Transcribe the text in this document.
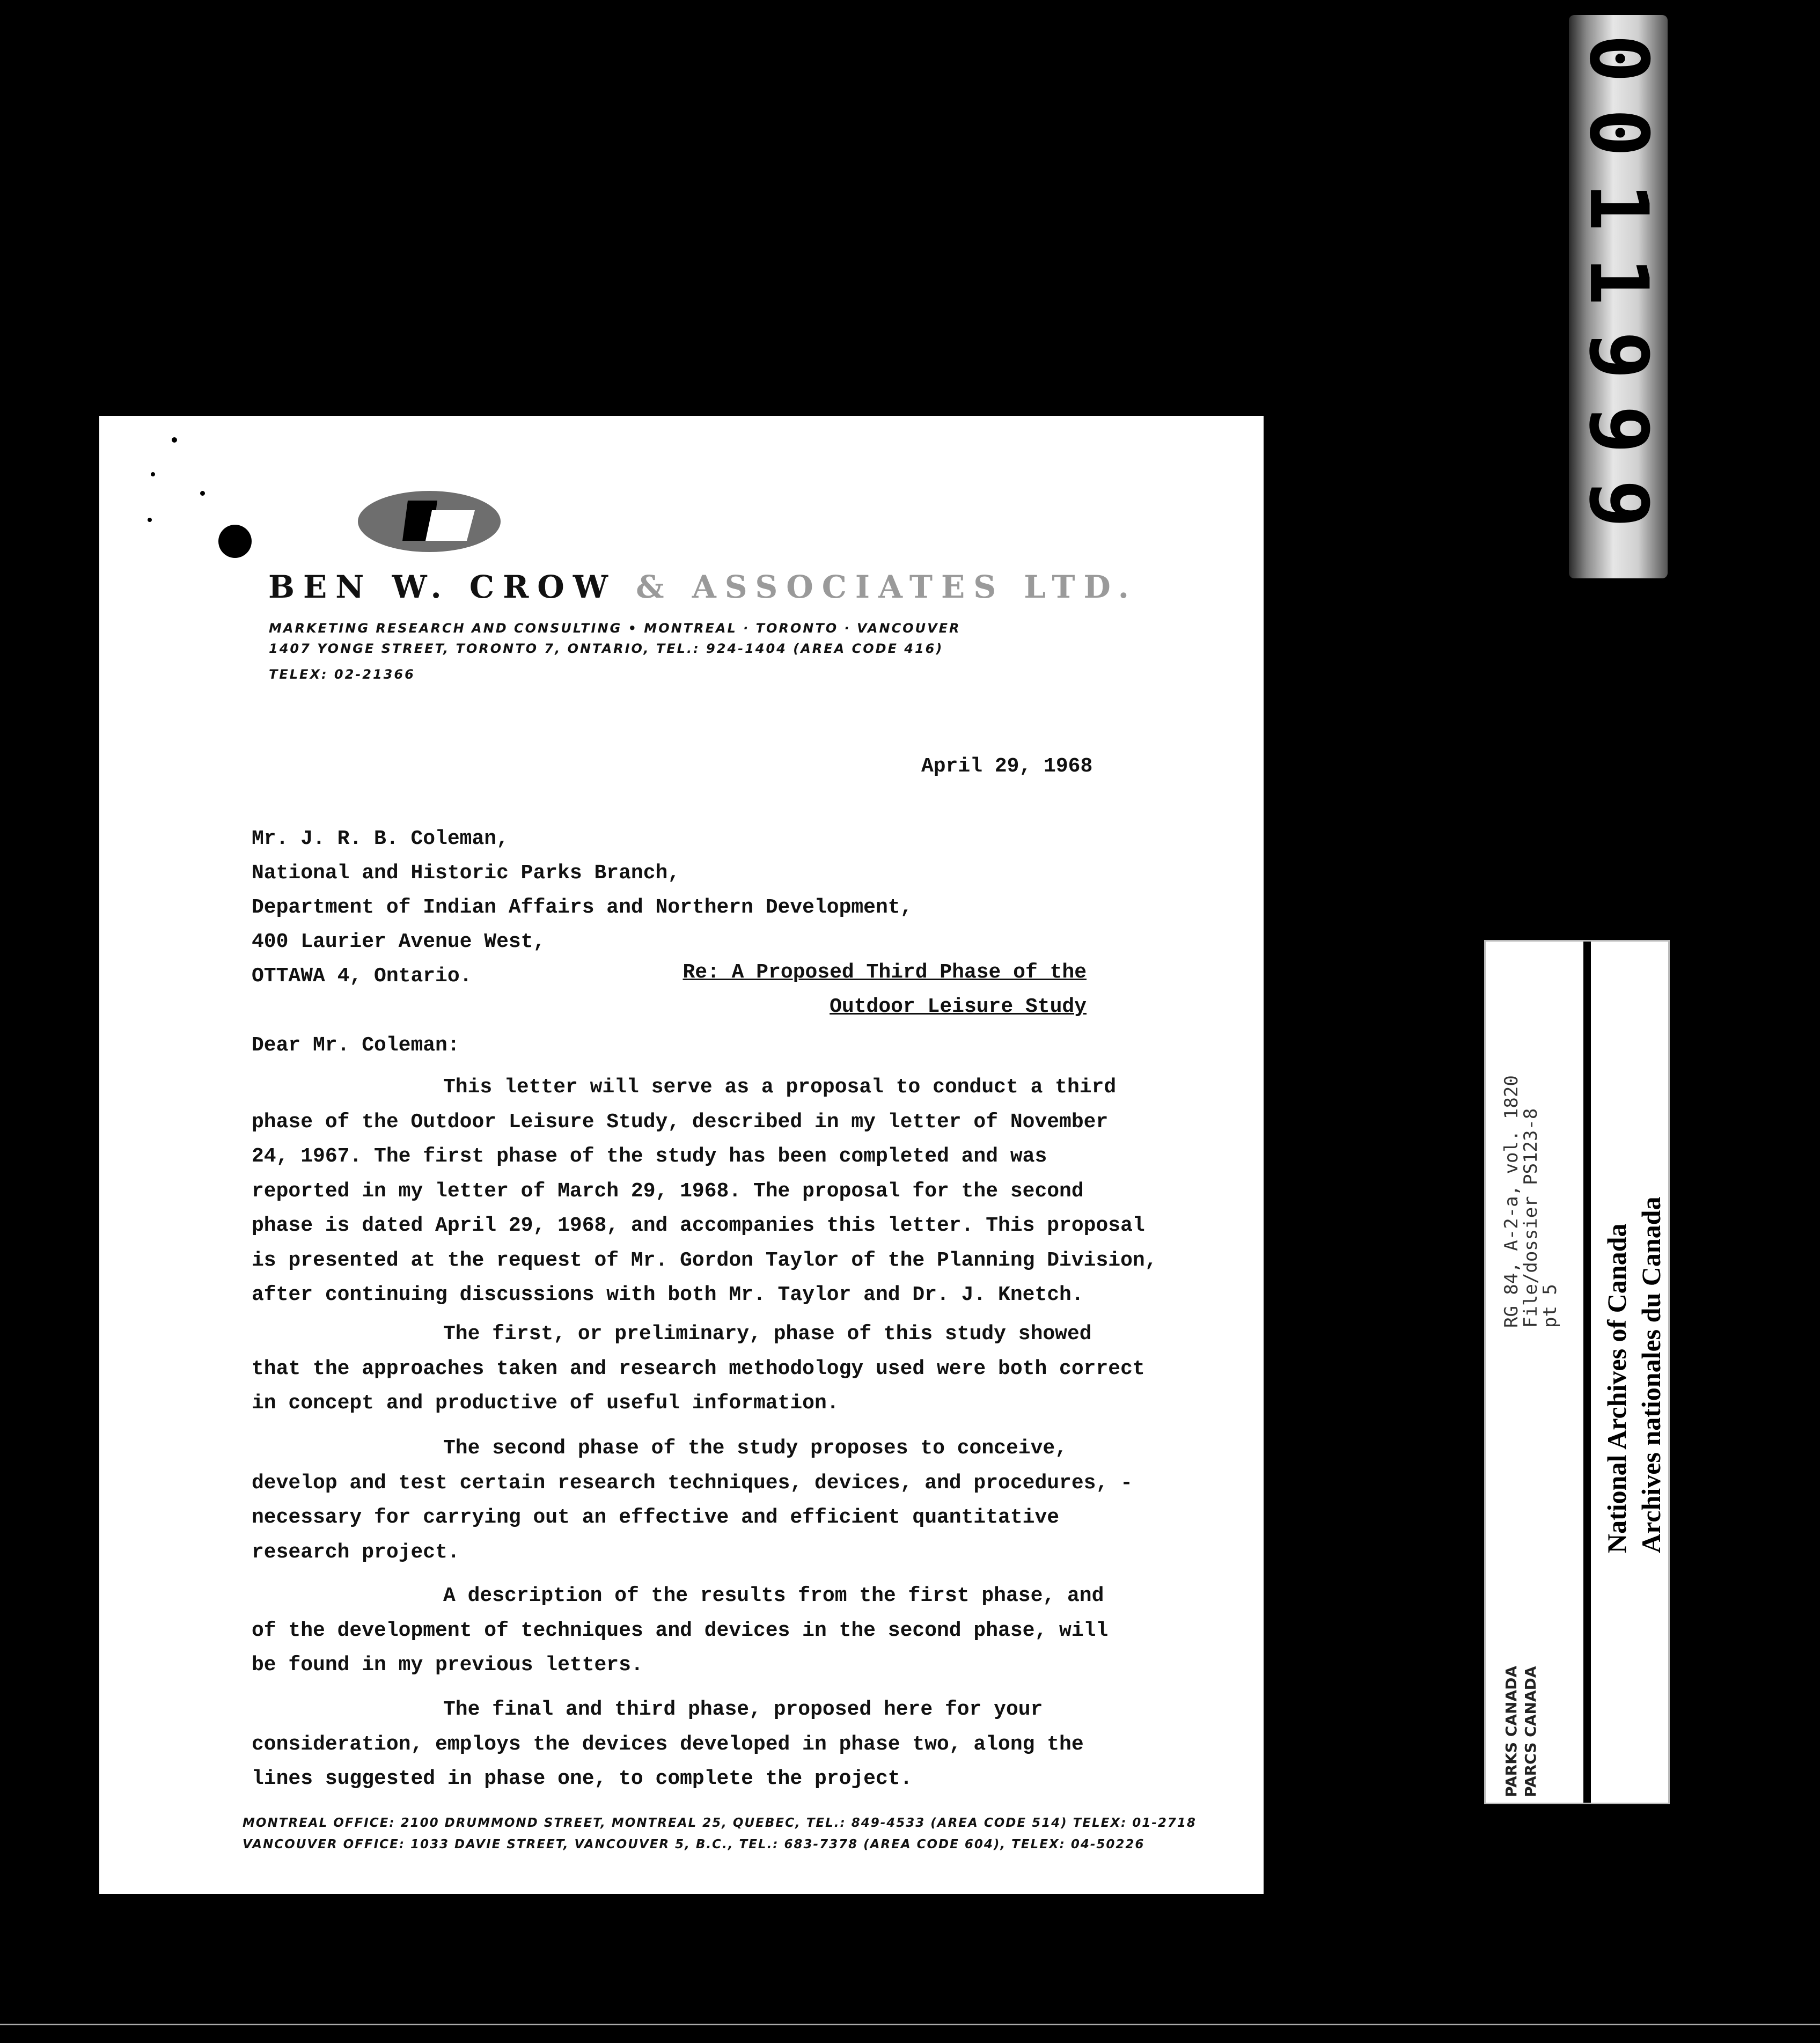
0011999

BEN W. CROW & ASSOCIATES LTD.

MARKETING RESEARCH AND CONSULTING • MONTREAL · TORONTO · VANCOUVER

1407 YONGE STREET, TORONTO 7, ONTARIO, TEL.: 924-1404 (AREA CODE 416)

TELEX: 02-21366

April 29, 1968

Mr. J. R. B. Coleman,
National and Historic Parks Branch,
Department of Indian Affairs and Northern Development,
400 Laurier Avenue West,
OTTAWA 4, Ontario.	Re: A Proposed Third Phase of the
Outdoor Leisure Study

Dear Mr. Coleman:

This letter will serve as a proposal to conduct a third
phase of the Outdoor Leisure Study, described in my letter of November
24, 1967. The first phase of the study has been completed and was
reported in my letter of March 29, 1968. The proposal for the second
phase is dated April 29, 1968, and accompanies this letter. This proposal
is presented at the request of Mr. Gordon Taylor of the Planning Division,
after continuing discussions with both Mr. Taylor and Dr. J. Knetch.
The first, or preliminary, phase of this study showed
that the approaches taken and research methodology used were both correct
in concept and productive of useful information.
The second phase of the study proposes to conceive,
develop and test certain research techniques, devices, and procedures, -
necessary for carrying out an effective and efficient quantitative
research project.
A description of the results from the first phase, and
of the development of techniques and devices in the second phase, will
be found in my previous letters.
The final and third phase, proposed here for your
consideration, employs the devices developed in phase two, along the
lines suggested in phase one, to complete the project.
MONTREAL OFFICE: 2100 DRUMMOND STREET, MONTREAL 25, QUEBEC, TEL.: 849-4533 (AREA CODE 514) TELEX: 01-2718
VANCOUVER OFFICE: 1033 DAVIE STREET, VANCOUVER 5, B.C., TEL.: 683-7378 (AREA CODE 604), TELEX: 04-50226
RG 84, A-2-a, vol. 1820
File/dossier PS123-8
pt 5
PARKS CANADA PARCS CANADA
National Archives of Canada Archives nationales du Canada
